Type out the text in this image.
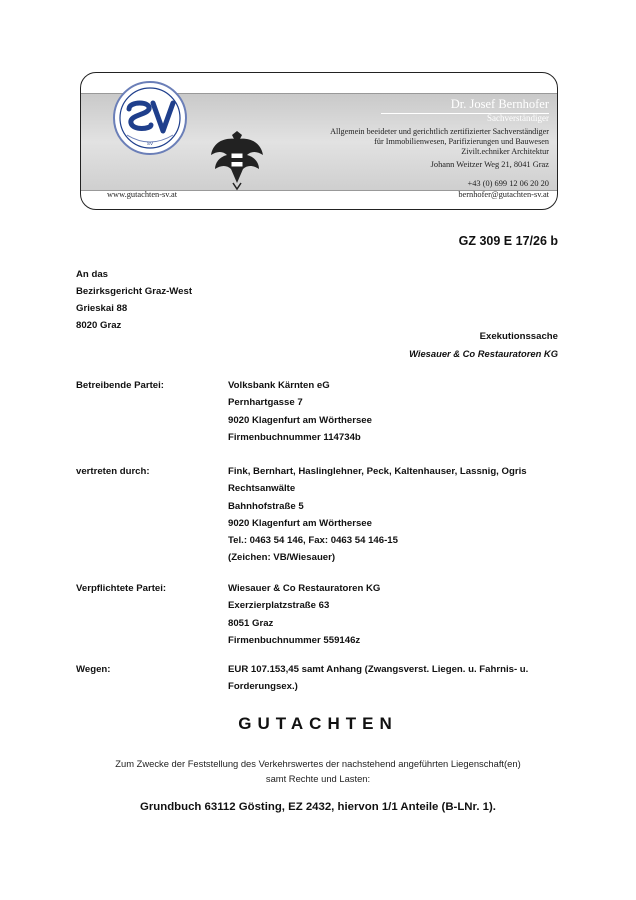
SV
Dr. Josef Bernhofer
Sachverständiger
Allgemein beeideter und gerichtlich zertifizierter Sachverständiger
für Immobilienwesen, Parifizierungen und Bauwesen
Zivilt.echniker Architektur
Johann Weitzer Weg 21, 8041 Graz
+43 (0) 699 12 06 20 20
bernhofer@gutachten-sv.at
www.gutachten-sv.at
GZ 309 E 17/26 b
An das
Bezirksgericht Graz-West
Grieskai 88
8020 Graz
Exekutionssache
Wiesauer & Co Restauratoren KG
Betreibende Partei:	Volksbank Kärnten eG
Pernhartgasse 7
9020 Klagenfurt am Wörthersee
Firmenbuchnummer 114734b
vertreten durch:	Fink, Bernhart, Haslinglehner, Peck, Kaltenhauser, Lassnig, Ogris
Rechtsanwälte
Bahnhofstraße 5
9020 Klagenfurt am Wörthersee
Tel.: 0463 54 146, Fax: 0463 54 146-15
(Zeichen: VB/Wiesauer)
Verpflichtete Partei:	Wiesauer & Co Restauratoren KG
Exerzierplatzstraße 63
8051 Graz
Firmenbuchnummer 559146z
Wegen:	EUR 107.153,45 samt Anhang (Zwangsverst. Liegen. u. Fahrnis- u.
Forderungsex.)
GUTACHTEN
Zum Zwecke der Feststellung des Verkehrswertes der nachstehend angeführten Liegenschaft(en)
samt Rechte und Lasten:
Grundbuch 63112 Gösting, EZ 2432, hiervon 1/1 Anteile (B-LNr. 1).
